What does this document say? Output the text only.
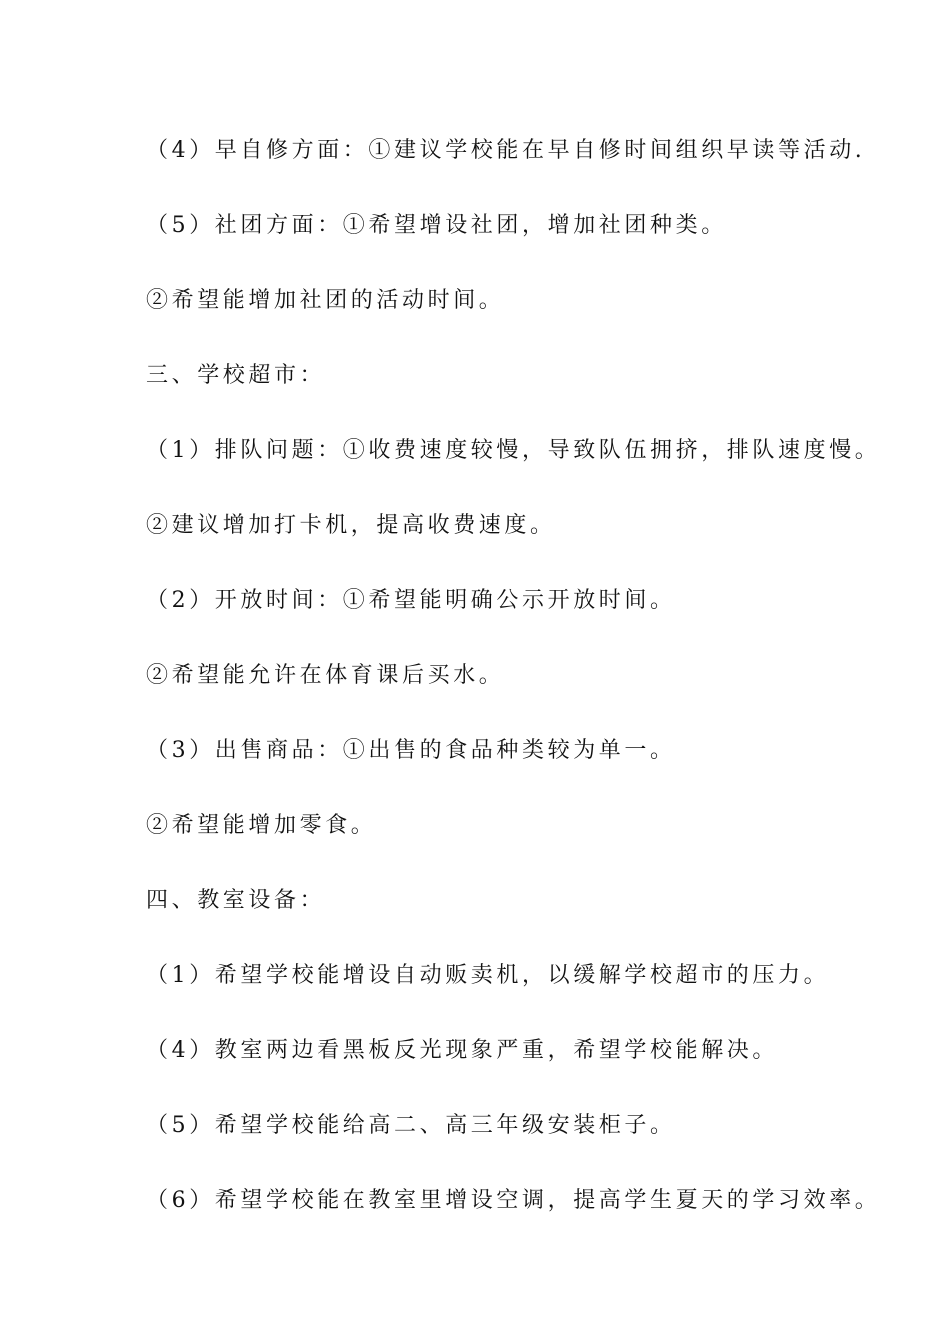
（4）早自修方面：①建议学校能在早自修时间组织早读等活动.
（5）社团方面：①希望增设社团，增加社团种类。
②希望能增加社团的活动时间。
三、学校超市：
（1）排队问题：①收费速度较慢，导致队伍拥挤，排队速度慢。
②建议增加打卡机，提高收费速度。
（2）开放时间：①希望能明确公示开放时间。
②希望能允许在体育课后买水。
（3）出售商品：①出售的食品种类较为单一。
②希望能增加零食。
四、教室设备：
（1）希望学校能增设自动贩卖机，以缓解学校超市的压力。
（4）教室两边看黑板反光现象严重，希望学校能解决。
（5）希望学校能给高二、高三年级安装柜子。
（6）希望学校能在教室里增设空调，提高学生夏天的学习效率。
